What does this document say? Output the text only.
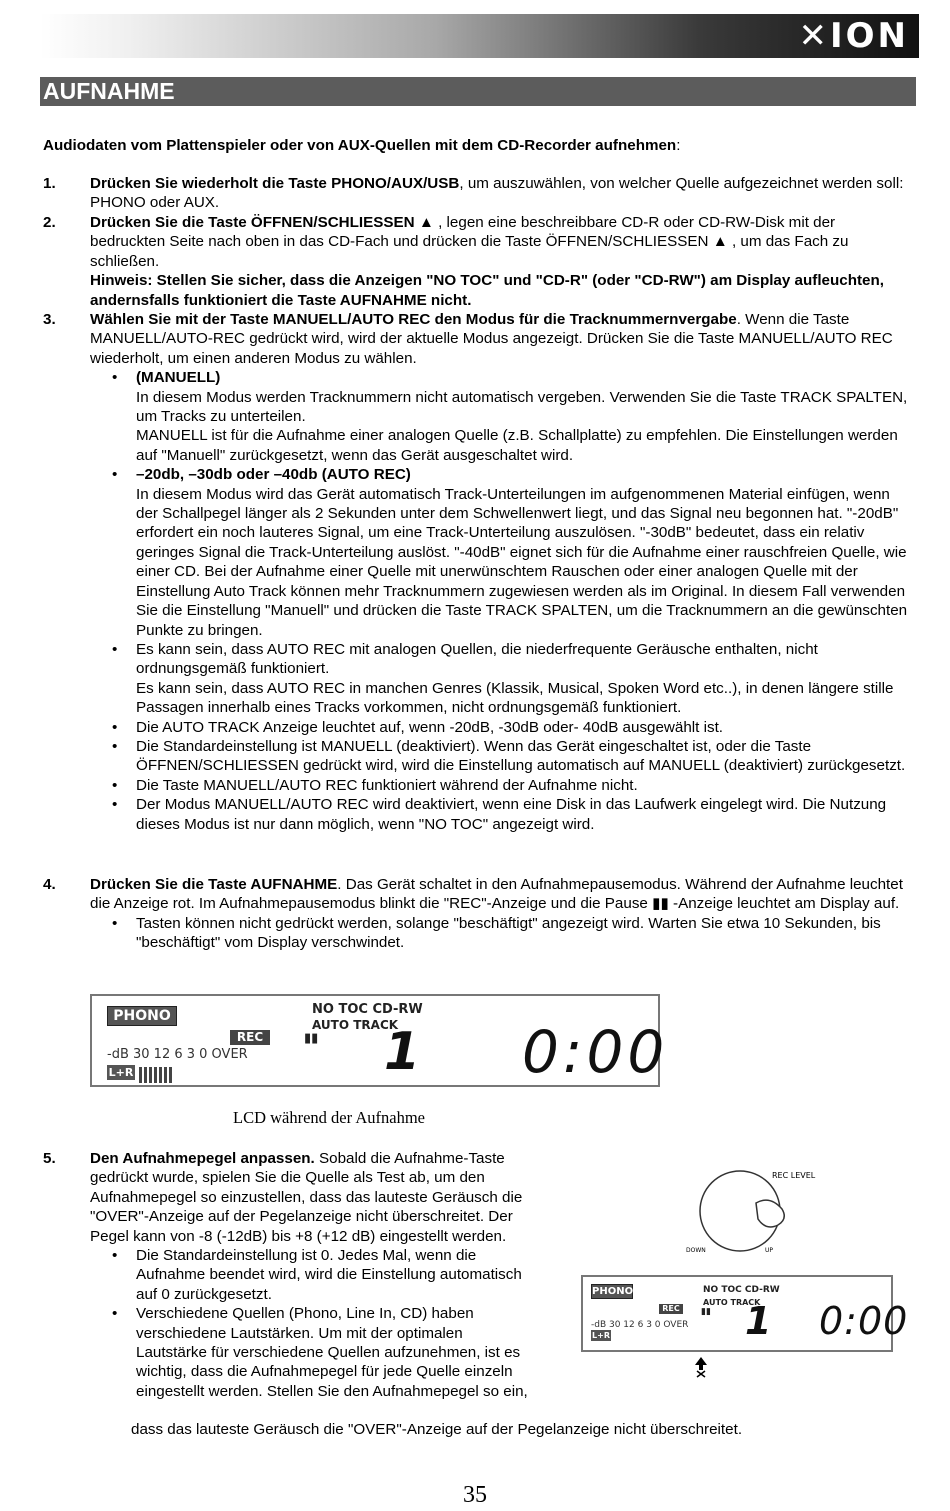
✕ION
AUFNAHME
Audiodaten vom Plattenspieler oder von AUX-Quellen mit dem CD-Recorder aufnehmen:
1. Drücken Sie wiederholt die Taste PHONO/AUX/USB, um auszuwählen, von welcher Quelle aufgezeichnet werden soll: PHONO oder AUX.
2. Drücken Sie die Taste ÖFFNEN/SCHLIESSEN ▲ , legen eine beschreibbare CD-R oder CD-RW-Disk mit der bedruckten Seite nach oben in das CD-Fach und drücken die Taste ÖFFNEN/SCHLIESSEN ▲ , um das Fach zu schließen.
Hinweis: Stellen Sie sicher, dass die Anzeigen "NO TOC" und "CD-R" (oder "CD-RW") am Display aufleuchten, andernsfalls funktioniert die Taste AUFNAHME nicht.
3. Wählen Sie mit der Taste MANUELL/AUTO REC den Modus für die Tracknummernvergabe. Wenn die Taste MANUELL/AUTO-REC gedrückt wird, wird der aktuelle Modus angezeigt. Drücken Sie die Taste MANUELL/AUTO REC wiederholt, um einen anderen Modus zu wählen.
• (MANUELL)
In diesem Modus werden Tracknummern nicht automatisch vergeben. Verwenden Sie die Taste TRACK SPALTEN, um Tracks zu unterteilen.
MANUELL ist für die Aufnahme einer analogen Quelle (z.B. Schallplatte) zu empfehlen. Die Einstellungen werden auf "Manuell" zurückgesetzt, wenn das Gerät ausgeschaltet wird.
• –20db, –30db oder –40db (AUTO REC)
In diesem Modus wird das Gerät automatisch Track-Unterteilungen im aufgenommenen Material einfügen, wenn der Schallpegel länger als 2 Sekunden unter dem Schwellenwert liegt, und das Signal neu begonnen hat. "-20dB" erfordert ein noch lauteres Signal, um eine Track-Unterteilung auszulösen. "-30dB" bedeutet, dass ein relativ geringes Signal die Track-Unterteilung auslöst. "-40dB" eignet sich für die Aufnahme einer rauschfreien Quelle, wie einer CD. Bei der Aufnahme einer Quelle mit unerwünschtem Rauschen oder einer analogen Quelle mit der Einstellung Auto Track können mehr Tracknummern zugewiesen werden als im Original. In diesem Fall verwenden Sie die Einstellung "Manuell" und drücken die Taste TRACK SPALTEN, um die Tracknummern an die gewünschten Punkte zu bringen.
• Es kann sein, dass AUTO REC mit analogen Quellen, die niederfrequente Geräusche enthalten, nicht ordnungsgemäß funktioniert.
Es kann sein, dass AUTO REC in manchen Genres (Klassik, Musical, Spoken Word etc..), in denen längere stille Passagen innerhalb eines Tracks vorkommen, nicht ordnungsgemäß funktioniert.
• Die AUTO TRACK Anzeige leuchtet auf, wenn -20dB, -30dB oder- 40dB ausgewählt ist.
• Die Standardeinstellung ist MANUELL (deaktiviert). Wenn das Gerät eingeschaltet ist, oder die Taste ÖFFNEN/SCHLIESSEN gedrückt wird, wird die Einstellung automatisch auf MANUELL (deaktiviert) zurückgesetzt.
• Die Taste MANUELL/AUTO REC funktioniert während der Aufnahme nicht.
• Der Modus MANUELL/AUTO REC wird deaktiviert, wenn eine Disk in das Laufwerk eingelegt wird. Die Nutzung dieses Modus ist nur dann möglich, wenn "NO TOC" angezeigt wird.
4. Drücken Sie die Taste AUFNAHME. Das Gerät schaltet in den Aufnahmepausemodus. Während der Aufnahme leuchtet die Anzeige rot. Im Aufnahmepausemodus blinkt die "REC"-Anzeige und die Pause ▮▮ -Anzeige leuchtet am Display auf.
• Tasten können nicht gedrückt werden, solange "beschäftigt" angezeigt wird. Warten Sie etwa 10 Sekunden, bis "beschäftigt" vom Display verschwindet.
PHONO	NO TOC CD-RW
AUTO TRACK
REC	▮▮
-dB 30 12 6 3 0 OVER
L+R	1 0:00
LCD während der Aufnahme
5. Den Aufnahmepegel anpassen. Sobald die Aufnahme-Taste gedrückt wurde, spielen Sie die Quelle als Test ab, um den Aufnahmepegel so einzustellen, dass das lauteste Geräusch die "OVER"-Anzeige auf der Pegelanzeige nicht überschreitet. Der Pegel kann von -8 (-12dB) bis +8 (+12 dB) eingestellt werden.
• Die Standardeinstellung ist 0. Jedes Mal, wenn die Aufnahme beendet wird, wird die Einstellung automatisch auf 0 zurückgesetzt.
• Verschiedene Quellen (Phono, Line In, CD) haben verschiedene Lautstärken. Um mit der optimalen Lautstärke für verschiedene Quellen aufzunehmen, ist es wichtig, dass die Aufnahmepegel für jede Quelle einzeln eingestellt werden. Stellen Sie den Aufnahmepegel so ein,
dass das lauteste Geräusch die "OVER"-Anzeige auf der Pegelanzeige nicht überschreitet.
REC LEVEL
DOWN	UP
PHONO	NO TOC CD-RW
AUTO TRACK
REC	▮▮
-dB 30 12 6 3 0 OVER
L+R	1 0:00
35
